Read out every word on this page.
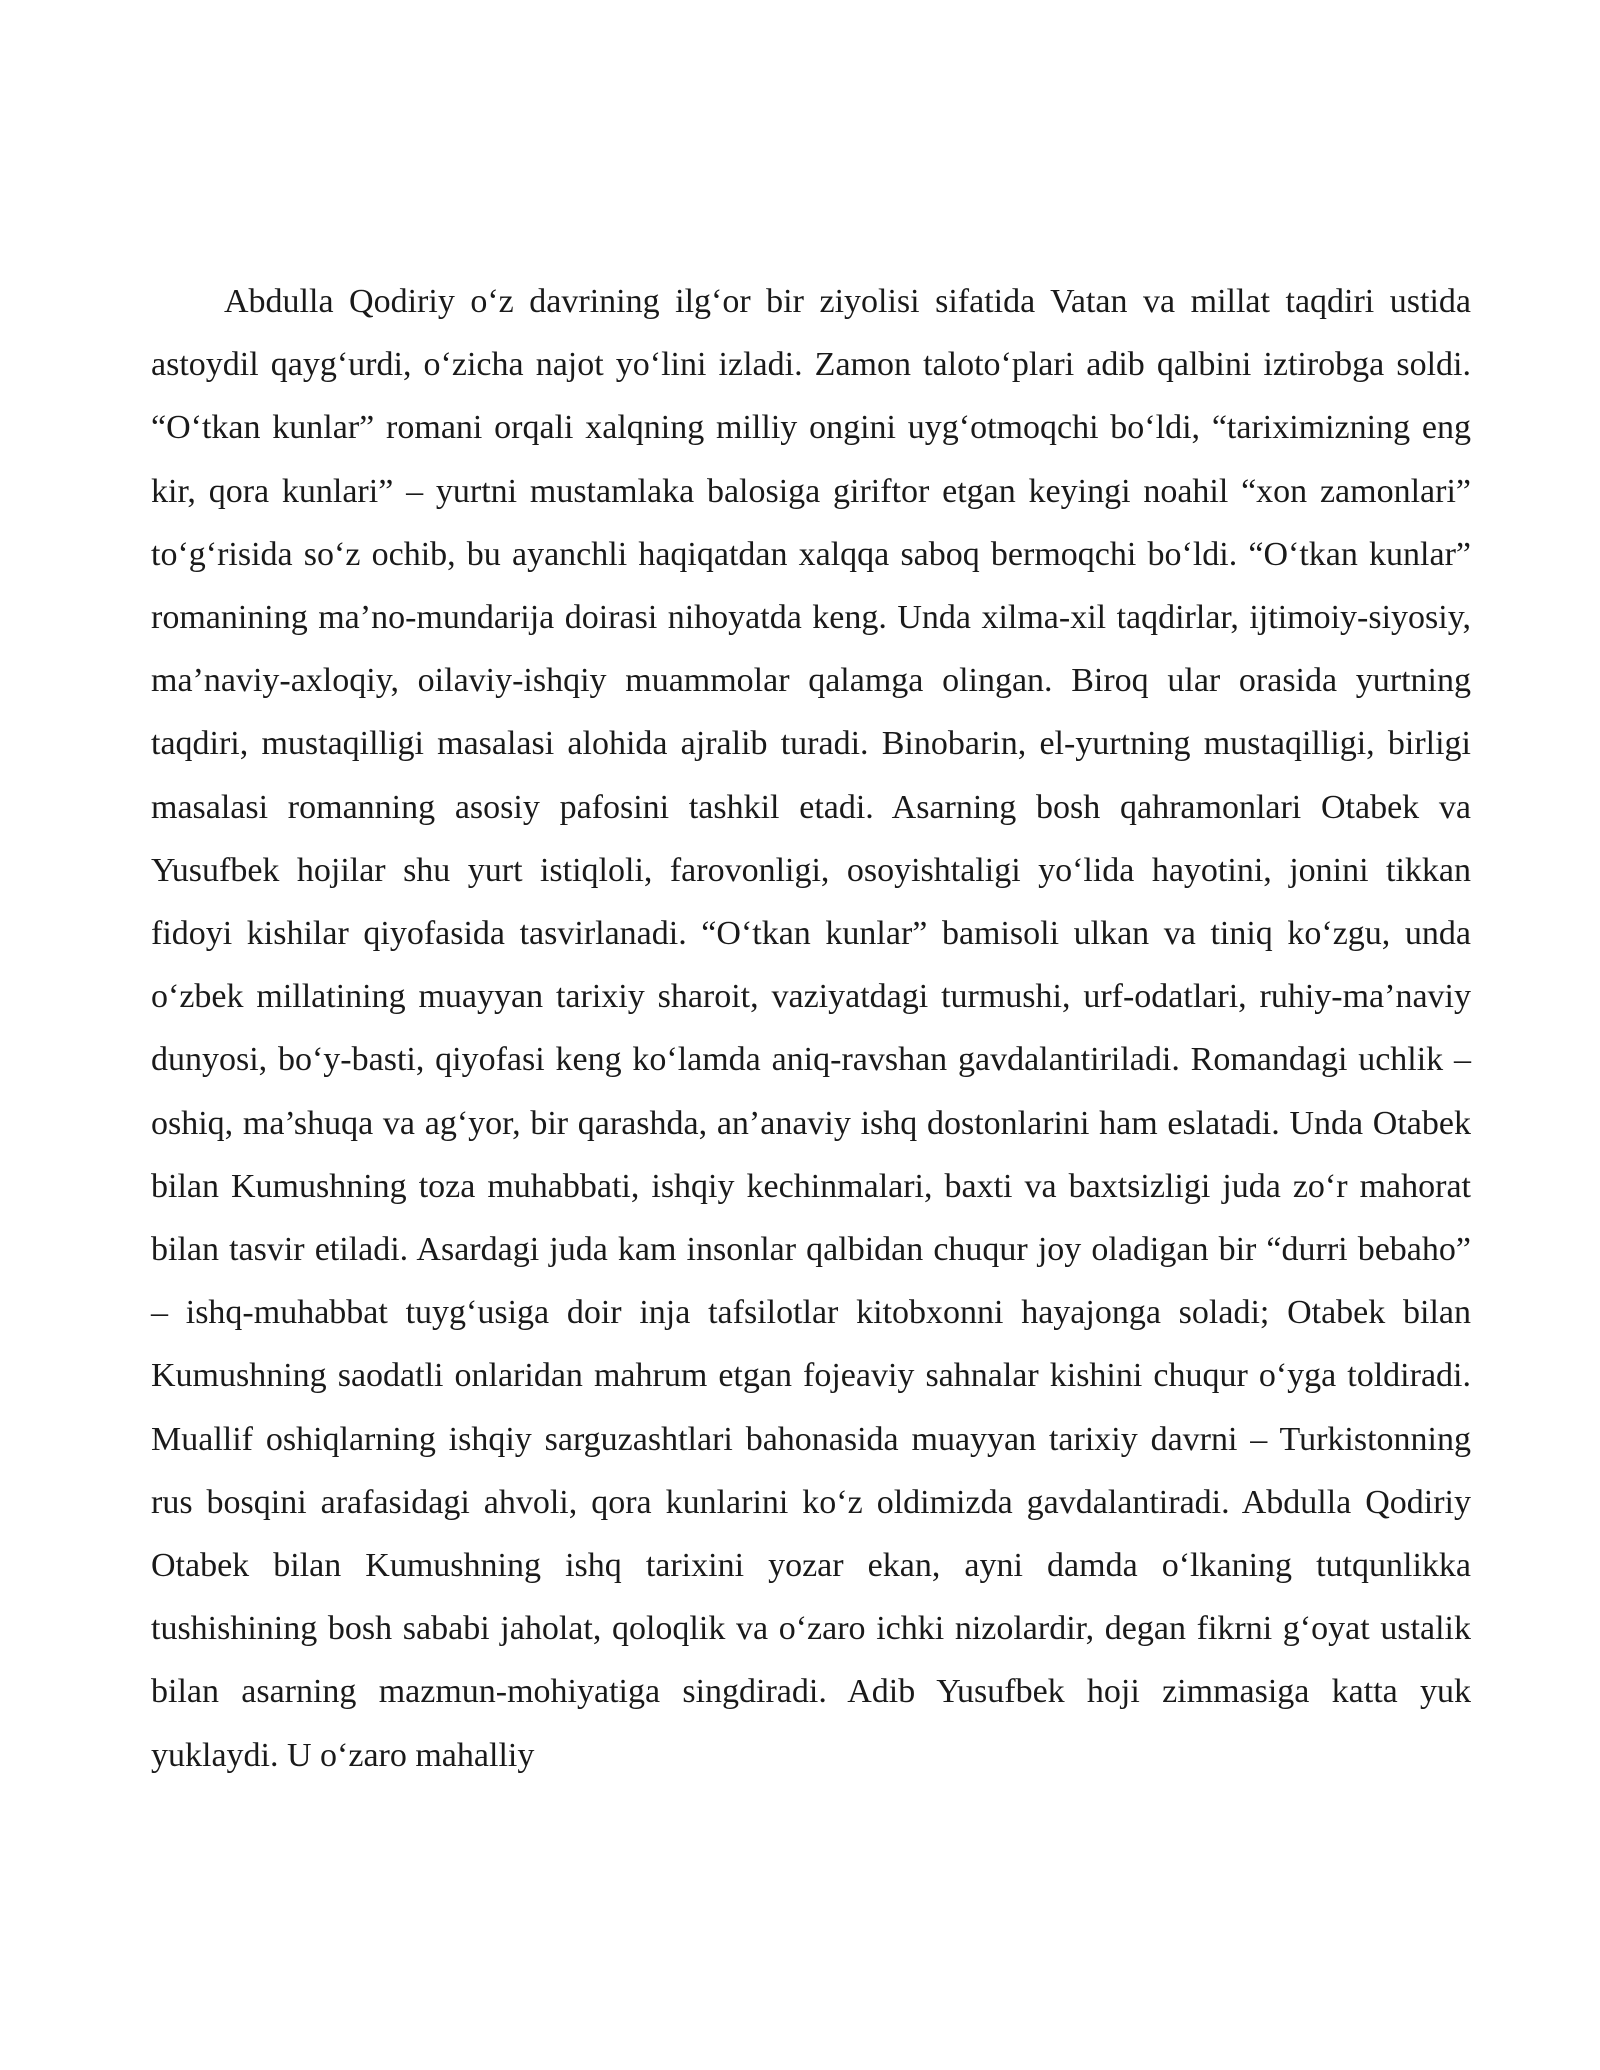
Abdulla Qodiriy o‘z davrining ilg‘or bir ziyolisi sifatida Vatan va millat taqdiri ustida astoydil qayg‘urdi, o‘zicha najot yo‘lini izladi. Zamon taloto‘plari adib qalbini iztirobga soldi. “O‘tkan kunlar” romani orqali xalqning milliy ongini uyg‘otmoqchi bo‘ldi, “tariximizning eng kir, qora kunlari” – yurtni mustamlaka balosiga giriftor etgan keyingi noahil “xon zamonlari” to‘g‘risida so‘z ochib, bu ayanchli haqiqatdan xalqqa saboq bermoqchi bo‘ldi. “O‘tkan kunlar” romanining ma’no-mundarija doirasi nihoyatda keng. Unda xilma-xil taqdirlar, ijtimoiy-siyosiy, ma’naviy-axloqiy, oilaviy-ishqiy muammolar qalamga olingan. Biroq ular orasida yurtning taqdiri, mustaqilligi masalasi alohida ajralib turadi. Binobarin, el-yurtning mustaqilligi, birligi masalasi romanning asosiy pafosini tashkil etadi. Asarning bosh qahramonlari Otabek va Yusufbek hojilar shu yurt istiqloli, farovonligi, osoyishtaligi yo‘lida hayotini, jonini tikkan fidoyi kishilar qiyofasida tasvirlanadi. “O‘tkan kunlar” bamisoli ulkan va tiniq ko‘zgu, unda o‘zbek millatining muayyan tarixiy sharoit, vaziyatdagi turmushi, urf-odatlari, ruhiy-ma’naviy dunyosi, bo‘y-basti, qiyofasi keng ko‘lamda aniq-ravshan gavdalantiriladi. Romandagi uchlik – oshiq, ma’shuqa va ag‘yor, bir qarashda, an’anaviy ishq dostonlarini ham eslatadi. Unda Otabek bilan Kumushning toza muhabbati, ishqiy kechinmalari, baxti va baxtsizligi juda zo‘r mahorat bilan tasvir etiladi. Asardagi juda kam insonlar qalbidan chuqur joy oladigan bir “durri bebaho” – ishq-muhabbat tuyg‘usiga doir inja tafsilotlar kitobxonni hayajonga soladi; Otabek bilan Kumushning saodatli onlaridan mahrum etgan fojeaviy sahnalar kishini chuqur o‘yga toldiradi. Muallif oshiqlarning ishqiy sarguzashtlari bahonasida muayyan tarixiy davrni – Turkistonning rus bosqini arafasidagi ahvoli, qora kunlarini ko‘z oldimizda gavdalantiradi. Abdulla Qodiriy Otabek bilan Kumushning ishq tarixini yozar ekan, ayni damda o‘lkaning tutqunlikka tushishining bosh sababi jaholat, qoloqlik va o‘zaro ichki nizolardir, degan fikrni g‘oyat ustalik bilan asarning mazmun-mohiyatiga singdiradi. Adib Yusufbek hoji zimmasiga katta yuk yuklaydi. U o‘zaro mahalliy
